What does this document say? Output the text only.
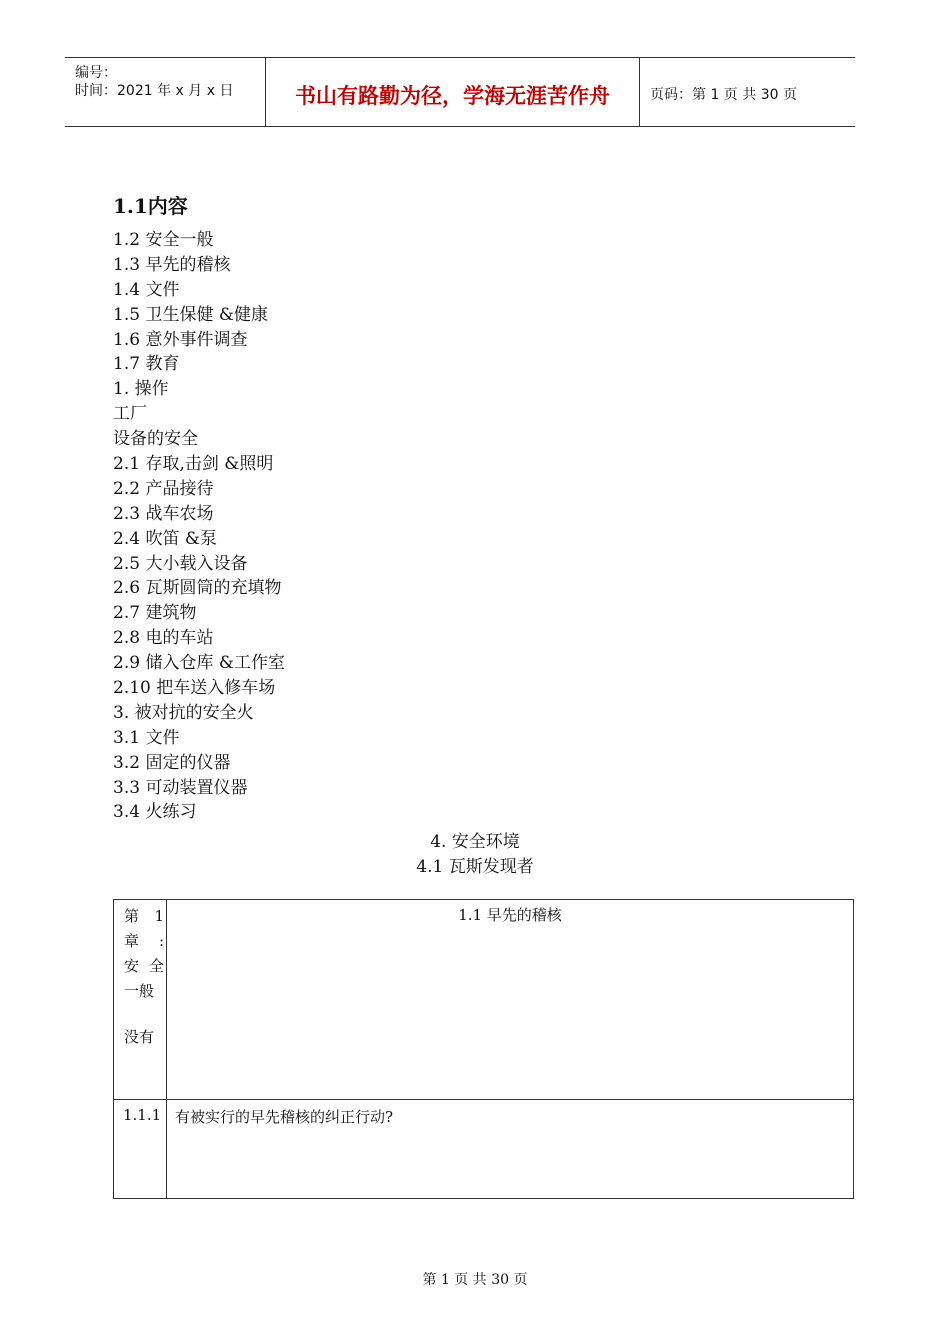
编号：
时间：2021 年 x 月 x 日	书山有路勤为径，学海无涯苦作舟	页码：第 1 页 共 30 页
1.1内容
1.2 安全一般
1.3 早先的稽核
1.4 文件
1.5 卫生保健 &健康
1.6 意外事件调查
1.7 教育
1. 操作
工厂
设备的安全
2.1 存取,击剑 &照明
2.2 产品接待
2.3 战车农场
2.4 吹笛 &泵
2.5 大小载入设备
2.6 瓦斯圆筒的充填物
2.7 建筑物
2.8 电的车站
2.9 储入仓库 &工作室
2.10 把车送入修车场
3. 被对抗的安全火
3.1 文件
3.2 固定的仪器
3.3 可动装置仪器
3.4 火练习
4. 安全环境
4.1 瓦斯发现者
第 1
章 :
安 全
一般
没有
1.1 早先的稽核
1.1.1 有被实行的早先稽核的纠正行动?
第 1 页 共 30 页
